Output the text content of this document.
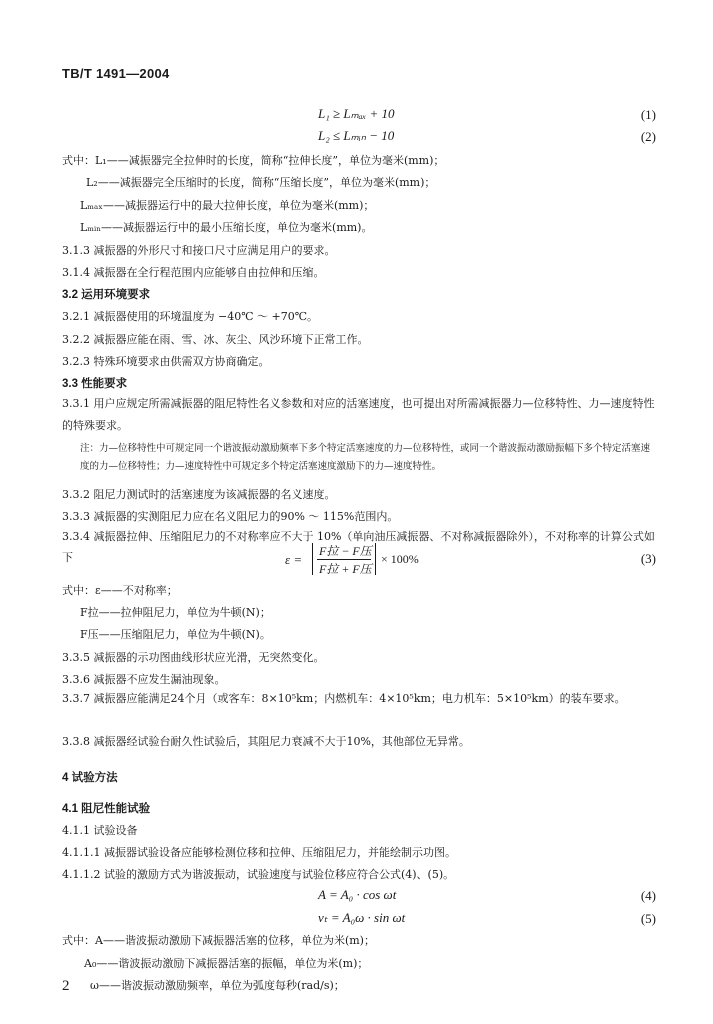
TB/T 1491—2004
L₁ ≥ Lₘₐₓ + 10	(1)
L₂ ≤ Lₘᵢₙ − 10	(2)
式中：L₁——减振器完全拉伸时的长度，简称“拉伸长度”，单位为毫米(mm)；
L₂——减振器完全压缩时的长度，简称“压缩长度”，单位为毫米(mm)；
Lₘₐₓ——减振器运行中的最大拉伸长度，单位为毫米(mm)；
Lₘᵢₙ——减振器运行中的最小压缩长度，单位为毫米(mm)。
3.1.3 减振器的外形尺寸和接口尺寸应满足用户的要求。
3.1.4 减振器在全行程范围内应能够自由拉伸和压缩。
3.2 运用环境要求
3.2.1 减振器使用的环境温度为 −40℃ ～ +70℃。
3.2.2 减振器应能在雨、雪、冰、灰尘、风沙环境下正常工作。
3.2.3 特殊环境要求由供需双方协商确定。
3.3 性能要求
3.3.1 用户应规定所需减振器的阻尼特性名义参数和对应的活塞速度，也可提出对所需减振器力—位移特性、力—速度特性的特殊要求。
注：力—位移特性中可规定同一个谐波振动激励频率下多个特定活塞速度的力—位移特性，或同一个谐波振动激励振幅下多个特定活塞速度的力—位移特性；力—速度特性中可规定多个特定活塞速度激励下的力—速度特性。
3.3.2 阻尼力测试时的活塞速度为该减振器的名义速度。
3.3.3 减振器的实测阻尼力应在名义阻尼力的90% ～ 115%范围内。
3.3.4 减振器拉伸、压缩阻尼力的不对称率应不大于 10%（单向油压减振器、不对称减振器除外），不对称率的计算公式如下	ε =
F拉 − F压
F拉 + F压
× 100%	(3)
式中：ε——不对称率；
F拉——拉伸阻尼力，单位为牛顿(N)；
F压——压缩阻尼力，单位为牛顿(N)。
3.3.5 减振器的示功图曲线形状应光滑，无突然变化。
3.3.6 减振器不应发生漏油现象。
3.3.7 减振器应能满足24个月（或客车：8×10⁵km；内燃机车：4×10⁵km；电力机车：5×10⁵km）的装车要求。
3.3.8 减振器经试验台耐久性试验后，其阻尼力衰减不大于10%，其他部位无异常。
4 试验方法
4.1 阻尼性能试验
4.1.1 试验设备
4.1.1.1 减振器试验设备应能够检测位移和拉伸、压缩阻尼力，并能绘制示功图。
4.1.1.2 试验的激励方式为谐波振动，试验速度与试验位移应符合公式(4)、(5)。
A = A₀ · cos ωt	(4)
vₜ = A₀ω · sin ωt	(5)
式中：A——谐波振动激励下减振器活塞的位移，单位为米(m)；
A₀——谐波振动激励下减振器活塞的振幅，单位为米(m)；
ω——谐波振动激励频率，单位为弧度每秒(rad/s)；
2
